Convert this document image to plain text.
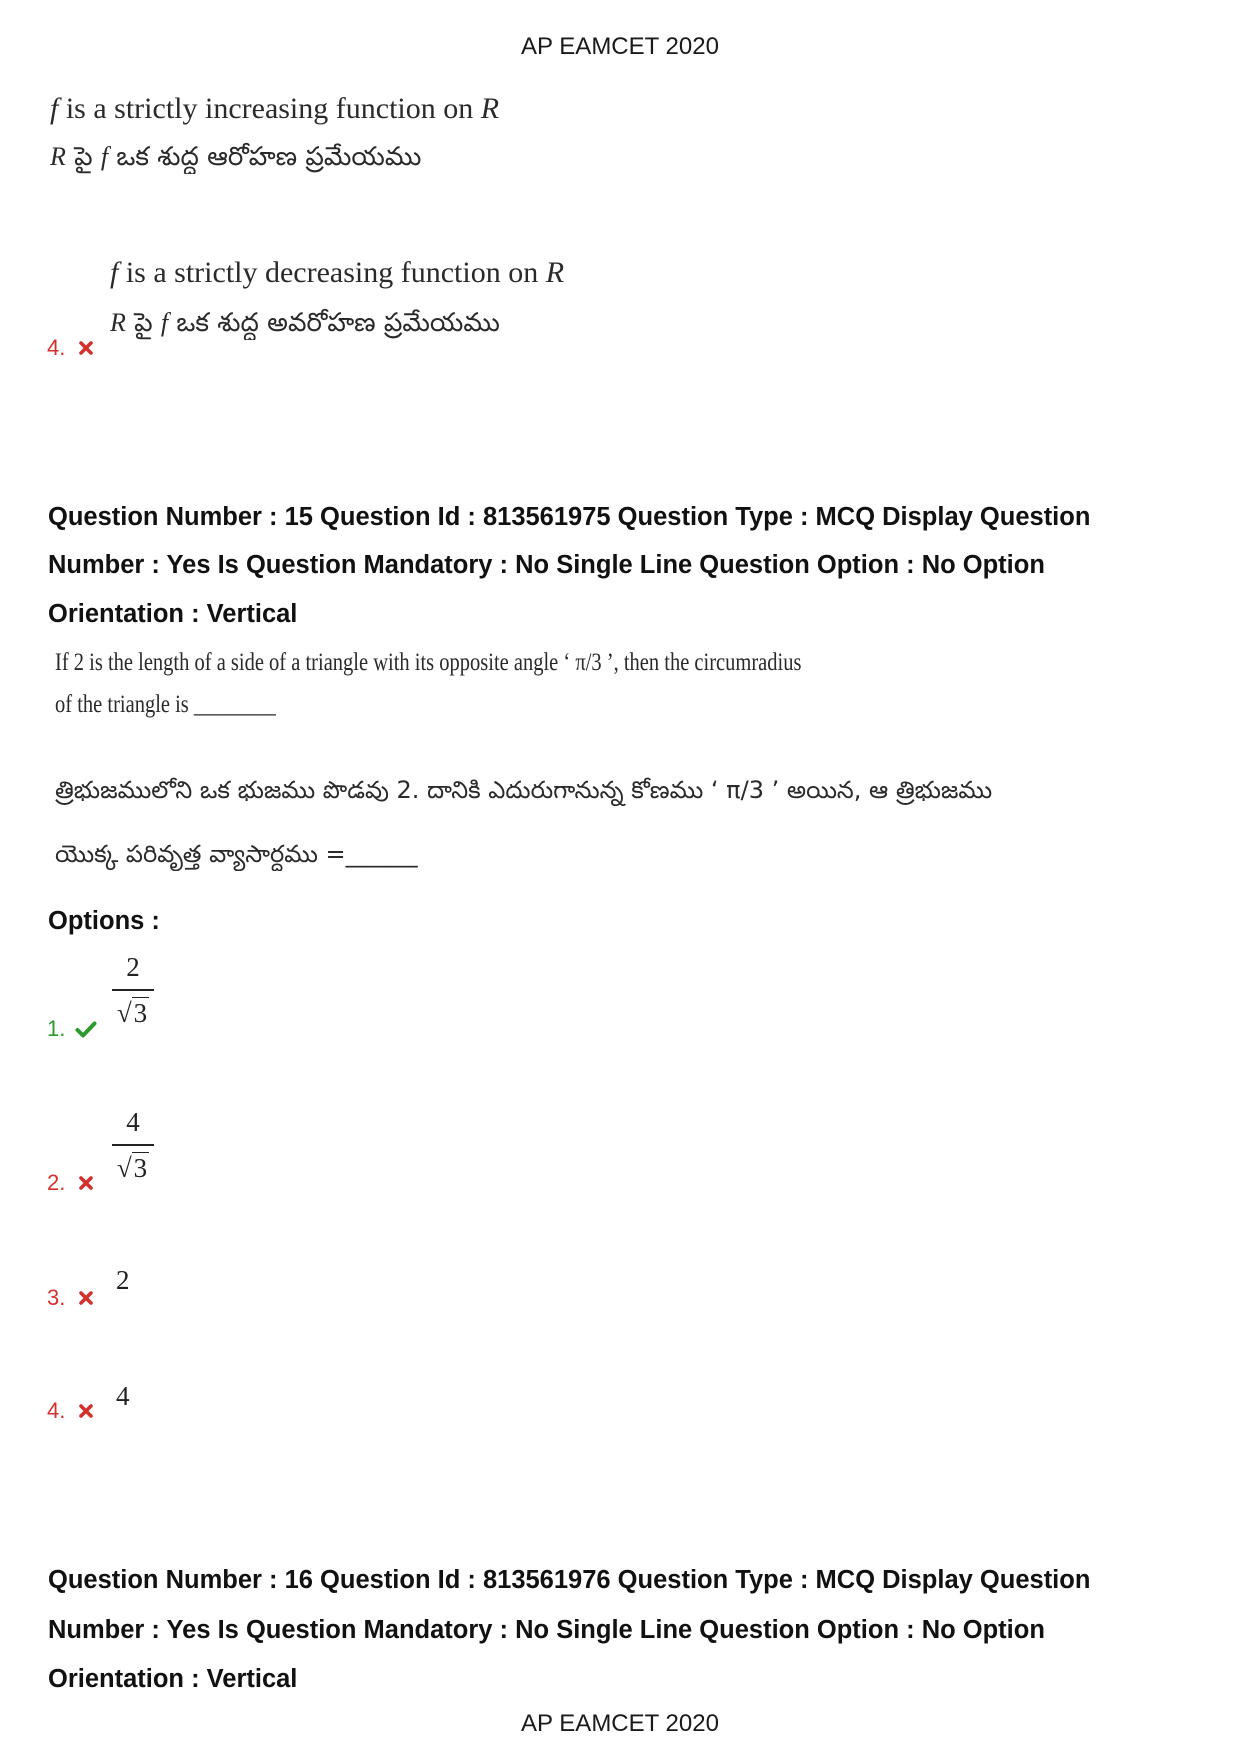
AP EAMCET 2020
f is a strictly increasing function on R
R పై f ఒక శుద్ధ ఆరోహణ ప్రమేయము
f is a strictly decreasing function on R
R పై f ఒక శుద్ధ అవరోహణ ప్రమేయము
4.
Question Number : 15 Question Id : 813561975 Question Type : MCQ Display Question
Number : Yes Is Question Mandatory : No Single Line Question Option : No Option
Orientation : Vertical
If 2 is the length of a side of a triangle with its opposite angle ‘ π/3 ’, then the circumradius
of the triangle is ________
త్రిభుజములోని ఒక భుజము పొడవు 2. దానికి ఎదురుగానున్న కోణము ‘ π/3 ’ అయిన, ఆ త్రిభుజము
యొక్క పరివృత్త వ్యాసార్ధము =______
Options :
1.
2
√3
2.
4
√3
3.
2
4. 4
Question Number : 16 Question Id : 813561976 Question Type : MCQ Display Question
Number : Yes Is Question Mandatory : No Single Line Question Option : No Option
Orientation : Vertical
AP EAMCET 2020
